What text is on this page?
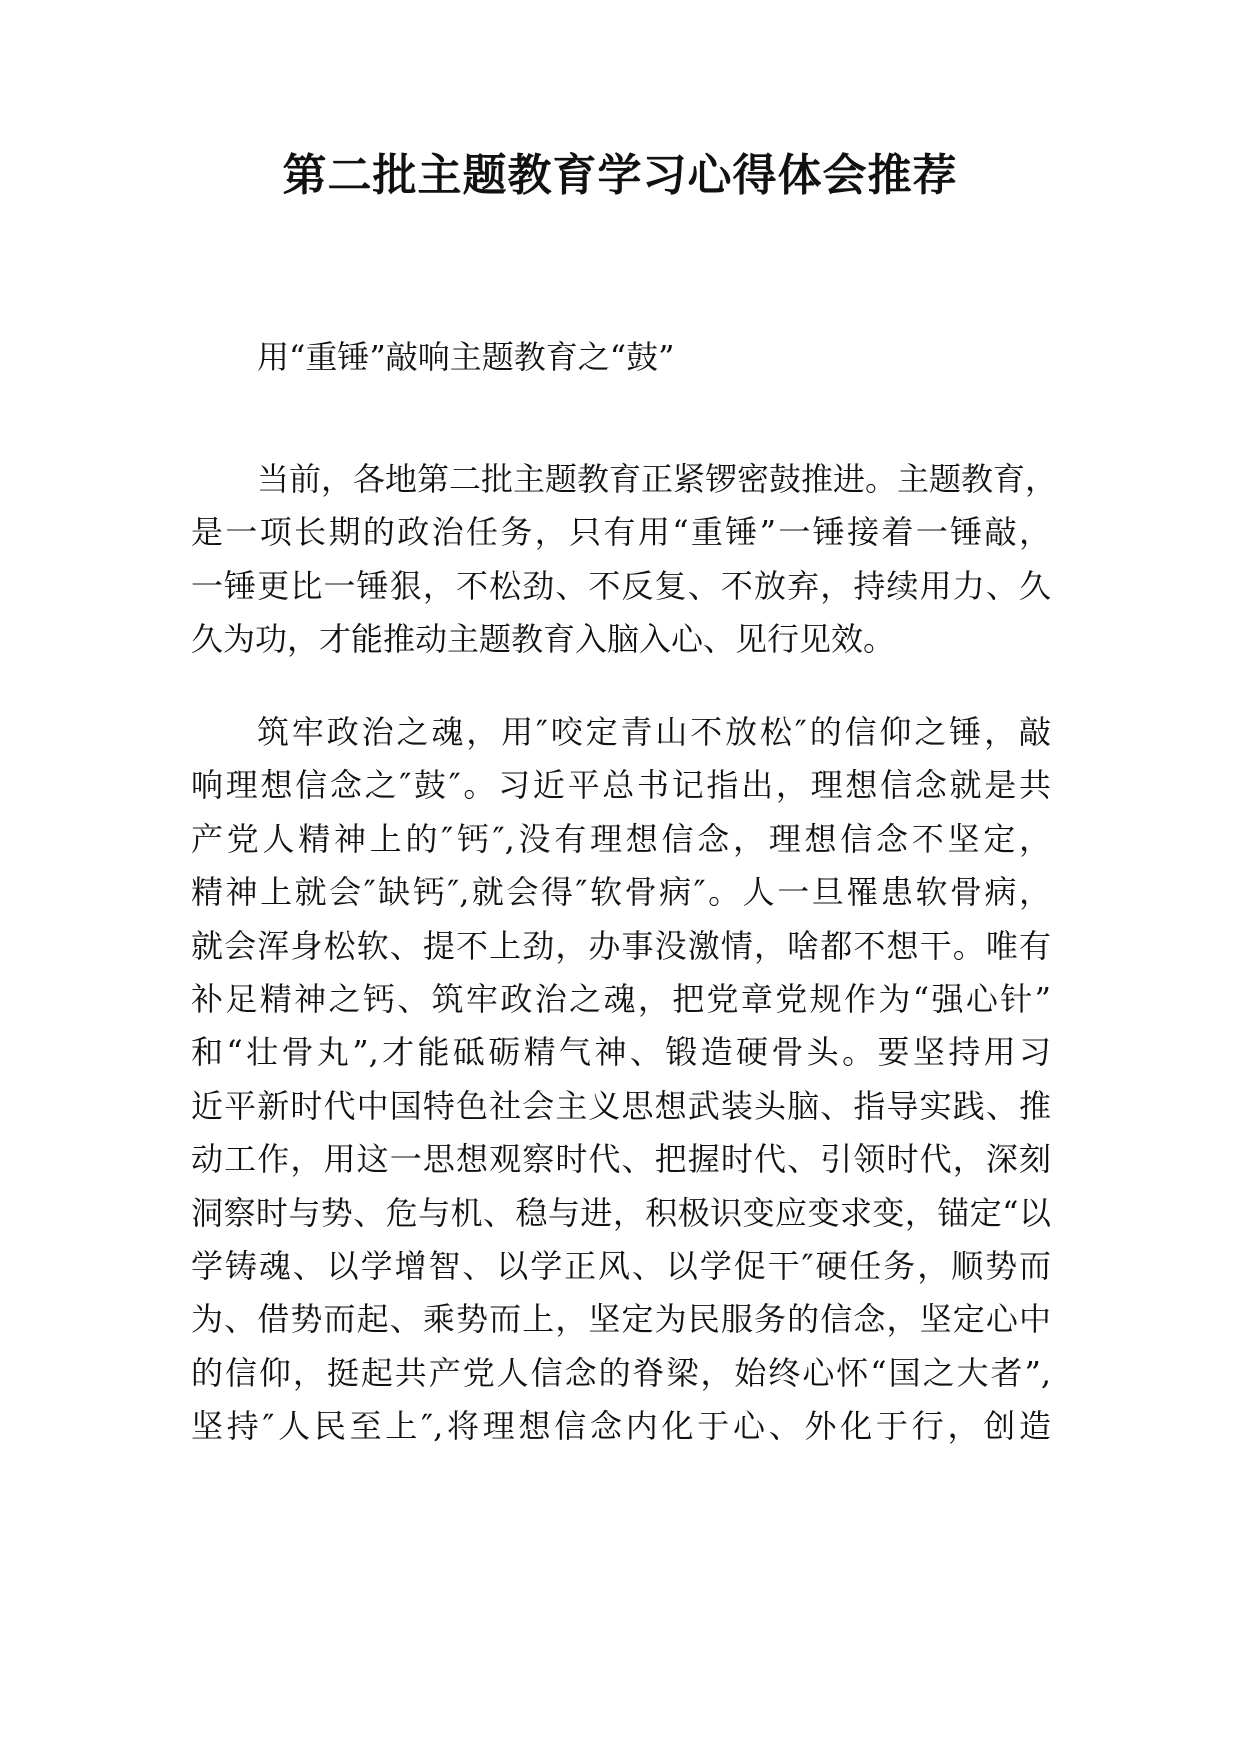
第二批主题教育学习心得体会推荐
用“重锤”敲响主题教育之“鼓”
当前，各地第二批主题教育正紧锣密鼓推进。主题教育，
是一项长期的政治任务，只有用“重锤”一锤接着一锤敲，
一锤更比一锤狠，不松劲、不反复、不放弃，持续用力、久
久为功，才能推动主题教育入脑入心、见行见效。
筑牢政治之魂，用″咬定青山不放松″的信仰之锤，敲
响理想信念之″鼓″。习近平总书记指出，理想信念就是共
产党人精神上的″钙″,没有理想信念，理想信念不坚定，
精神上就会″缺钙″,就会得″软骨病″。人一旦罹患软骨病，
就会浑身松软、提不上劲，办事没激情，啥都不想干。唯有
补足精神之钙、筑牢政治之魂，把党章党规作为“强心针”
和“壮骨丸”,才能砥砺精气神、锻造硬骨头。要坚持用习
近平新时代中国特色社会主义思想武装头脑、指导实践、推
动工作，用这一思想观察时代、把握时代、引领时代，深刻
洞察时与势、危与机、稳与进，积极识变应变求变，锚定“以
学铸魂、以学增智、以学正风、以学促干″硬任务，顺势而
为、借势而起、乘势而上，坚定为民服务的信念，坚定心中
的信仰，挺起共产党人信念的脊梁，始终心怀“国之大者”,
坚持″人民至上″,将理想信念内化于心、外化于行，创造
